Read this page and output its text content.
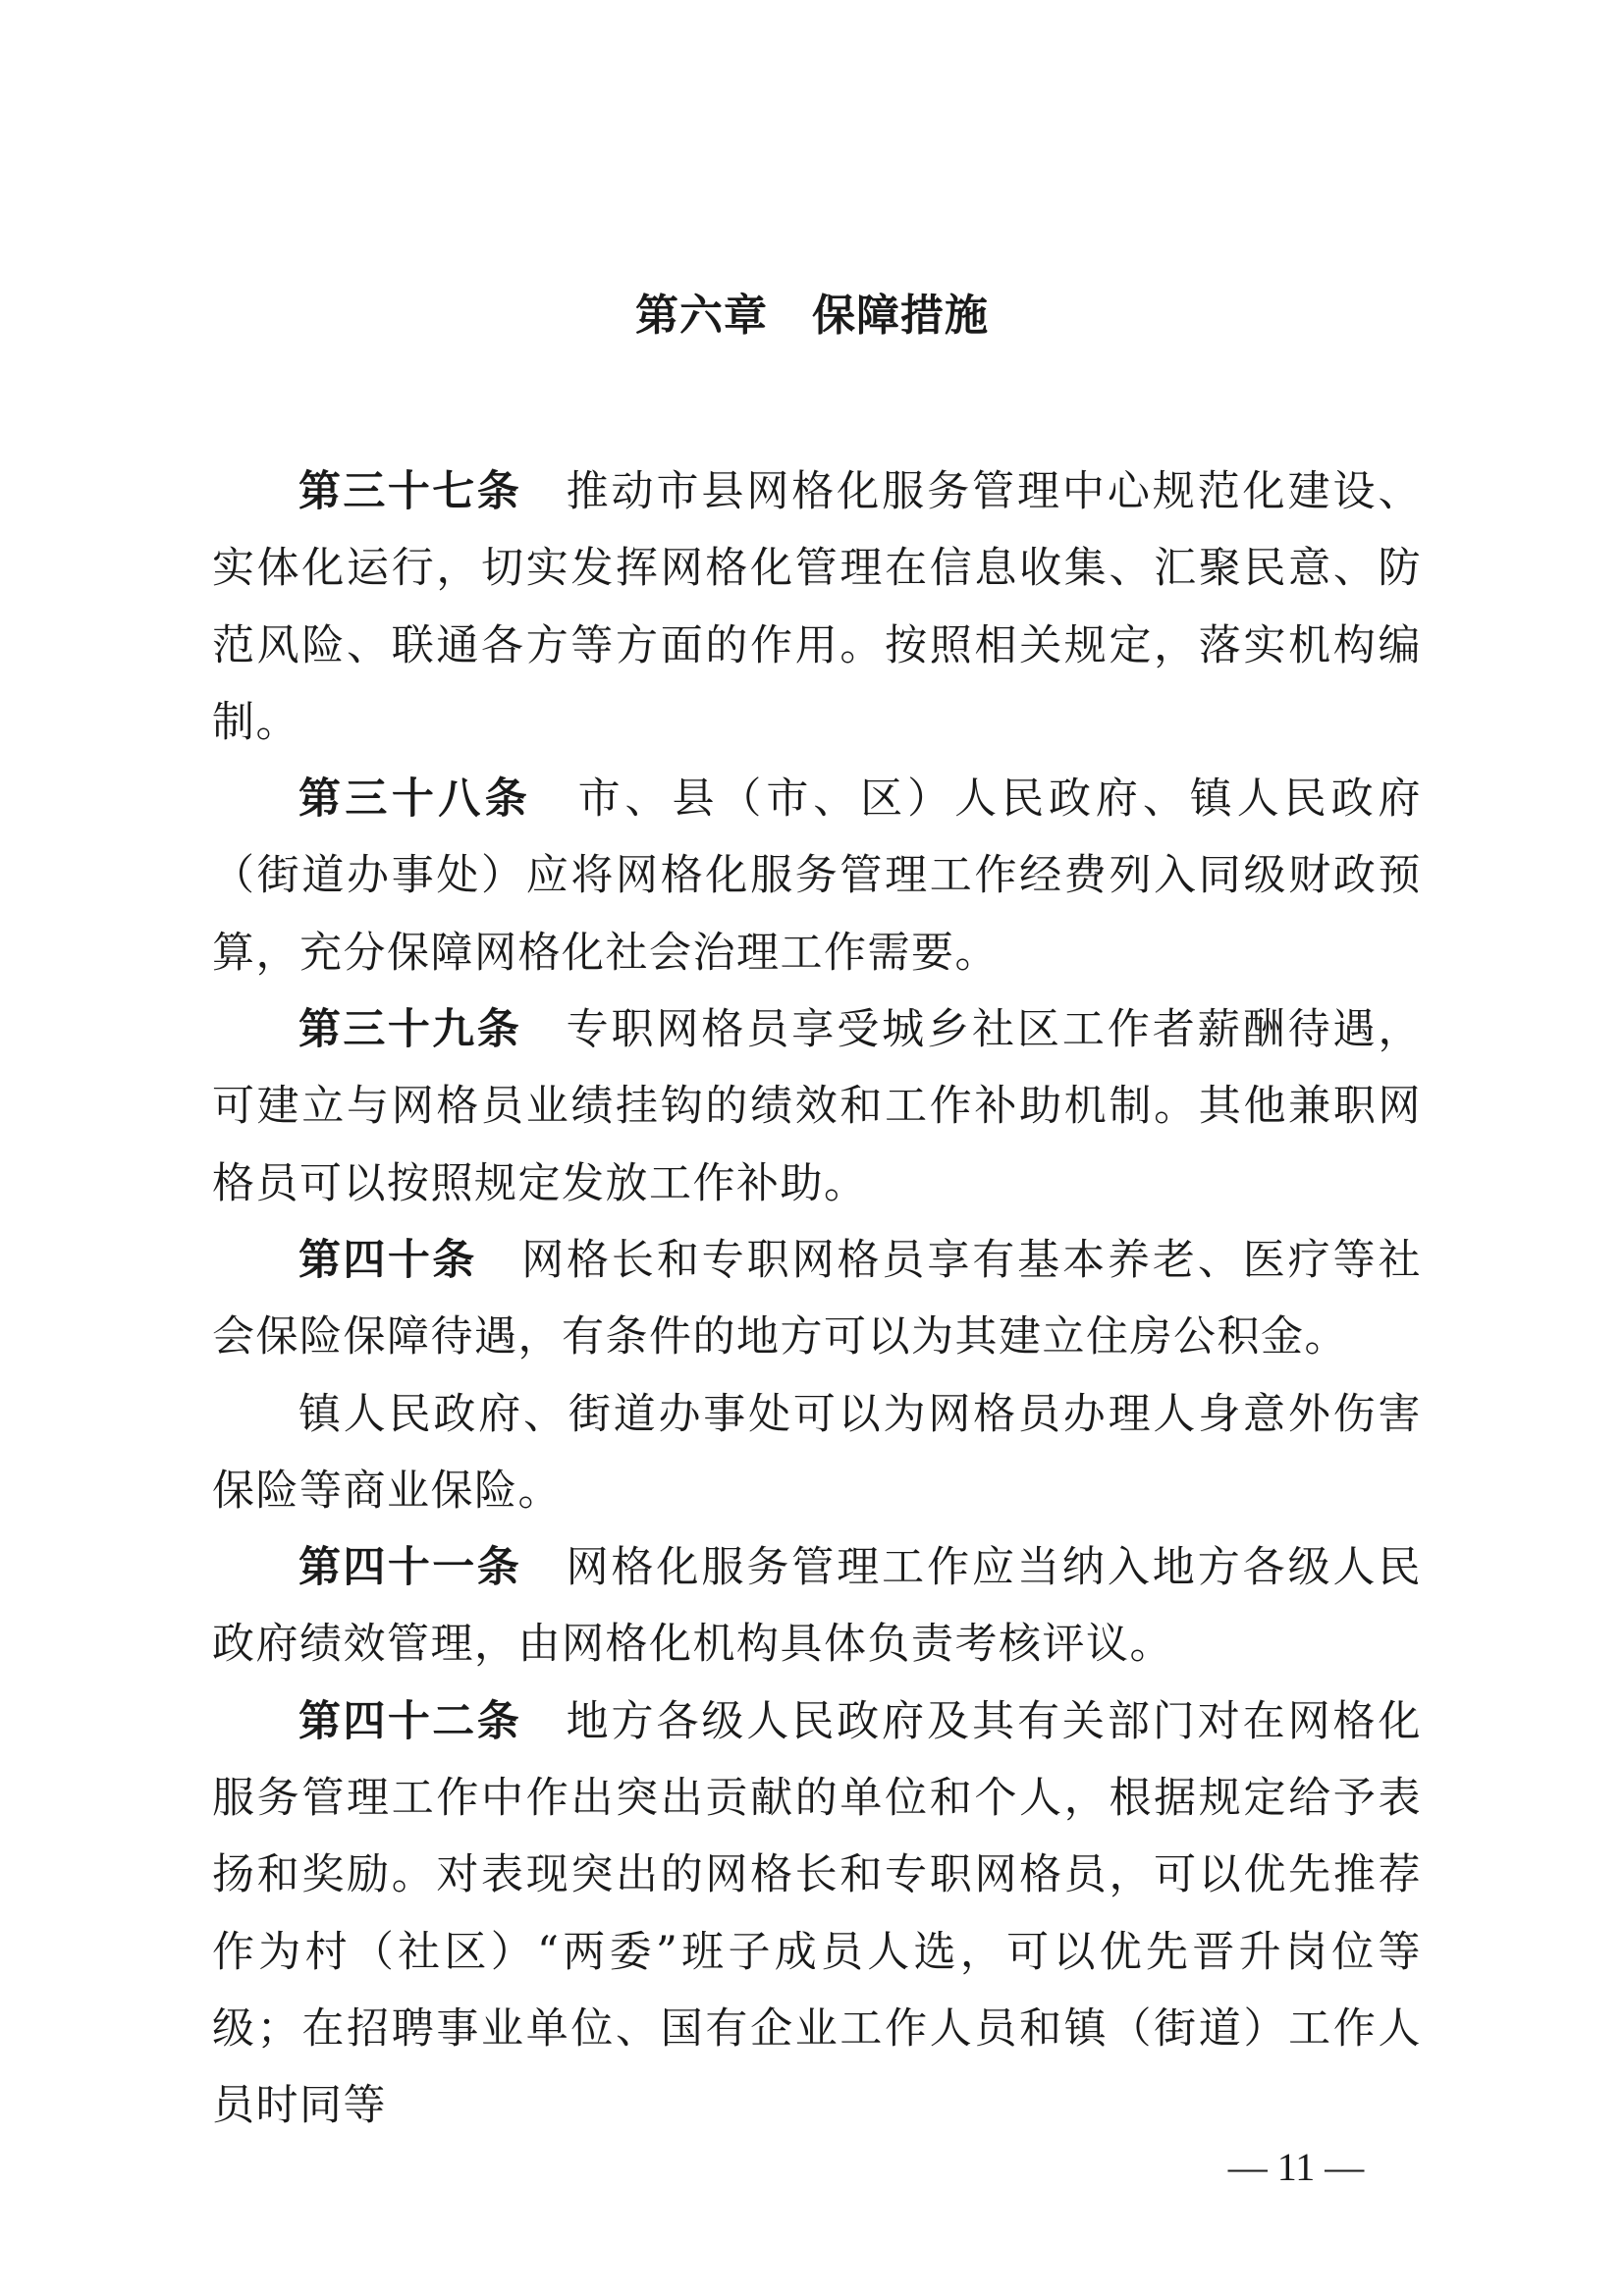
第六章　保障措施

第三十七条 推动市县网格化服务管理中心规范化建设、实体化运行，切实发挥网格化管理在信息收集、汇聚民意、防范风险、联通各方等方面的作用。按照相关规定，落实机构编制。

第三十八条 市、县（市、区）人民政府、镇人民政府（街道办事处）应将网格化服务管理工作经费列入同级财政预算，充分保障网格化社会治理工作需要。

第三十九条 专职网格员享受城乡社区工作者薪酬待遇，可建立与网格员业绩挂钩的绩效和工作补助机制。其他兼职网格员可以按照规定发放工作补助。

第四十条 网格长和专职网格员享有基本养老、医疗等社会保险保障待遇，有条件的地方可以为其建立住房公积金。

镇人民政府、街道办事处可以为网格员办理人身意外伤害保险等商业保险。

第四十一条 网格化服务管理工作应当纳入地方各级人民政府绩效管理，由网格化机构具体负责考核评议。

第四十二条 地方各级人民政府及其有关部门对在网格化服务管理工作中作出突出贡献的单位和个人，根据规定给予表扬和奖励。对表现突出的网格长和专职网格员，可以优先推荐作为村（社区）“两委”班子成员人选，可以优先晋升岗位等级；在招聘事业单位、国有企业工作人员和镇（街道）工作人员时同等

— 11 —
